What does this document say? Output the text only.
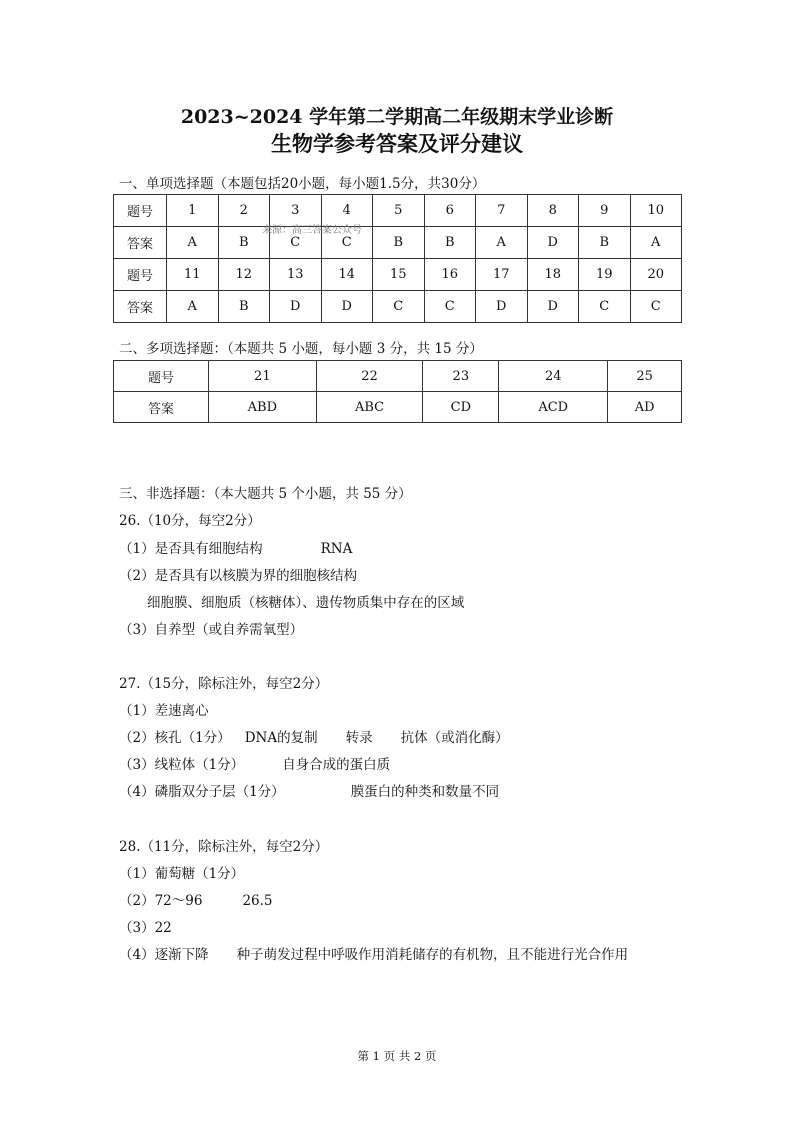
2023~2024 学年第二学期高二年级期末学业诊断
生物学参考答案及评分建议
一、单项选择题（本题包括20小题，每小题1.5分，共30分）
题号	1	2	3	4	5	6	7	8	9	10
答案	A	B	C	C	B	B	A	D	B	A
题号	11	12	13	14	15	16	17	18	19	20
答案	A	B	D	D	C	C	D	D	C	C
来源：高三答案公众号
二、多项选择题：（本题共 5 小题，每小题 3 分，共 15 分）
题号	21	22	23	24	25
答案	ABD	ABC	CD	ACD	AD
三、非选择题：（本大题共 5 个小题，共 55 分）
26.（10分，每空2分）
（1）是否具有细胞结构	RNA
（2）是否具有以核膜为界的细胞核结构
细胞膜、细胞质（核糖体）、遗传物质集中存在的区域
（3）自养型（或自养需氧型）
27.（15分，除标注外，每空2分）
（1）差速离心
（2）核孔（1分） DNA的复制 转录 抗体（或消化酶）
（3）线粒体（1分）	自身合成的蛋白质
（4）磷脂双分子层（1分）	膜蛋白的种类和数量不同
28.（11分，除标注外，每空2分）
（1）葡萄糖（1分）
（2）72～96	26.5
（3）22
（4）逐渐下降 种子萌发过程中呼吸作用消耗储存的有机物，且不能进行光合作用
第 1 页 共 2 页
